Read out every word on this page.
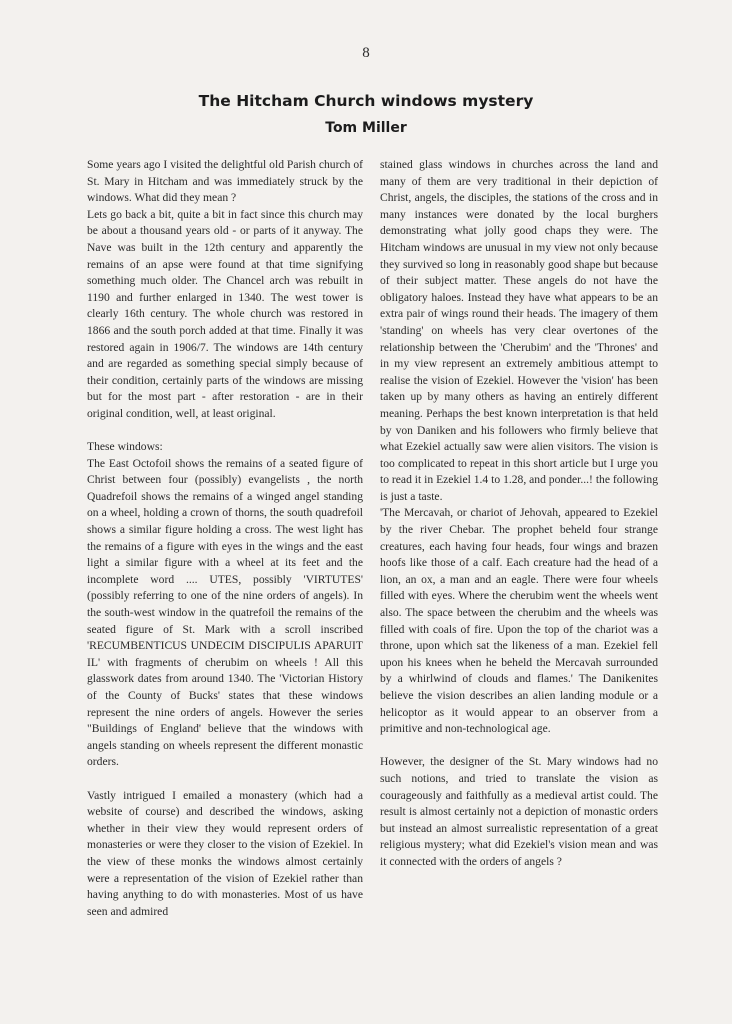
8
The Hitcham Church windows mystery
Tom Miller

Some years ago I visited the delightful old Parish church of St. Mary in Hitcham and was immediately struck by the windows. What did they mean ?

Lets go back a bit, quite a bit in fact since this church may be about a thousand years old - or parts of it anyway. The Nave was built in the 12th century and apparently the remains of an apse were found at that time signifying something much older. The Chancel arch was rebuilt in 1190 and further enlarged in 1340. The west tower is clearly 16th century. The whole church was restored in 1866 and the south porch added at that time. Finally it was restored again in 1906/7. The windows are 14th century and are regarded as something special simply because of their condition, certainly parts of the windows are missing but for the most part - after restoration - are in their original condition, well, at least original.

These windows:

The East Octofoil shows the remains of a seated figure of Christ between four (possibly) evangelists , the north Quadrefoil shows the remains of a winged angel standing on a wheel, holding a crown of thorns, the south quadrefoil shows a similar figure holding a cross. The west light has the remains of a figure with eyes in the wings and the east light a similar figure with a wheel at its feet and the incomplete word .... UTES, possibly 'VIRTUTES' (possibly referring to one of the nine orders of angels). In the south-west window in the quatrefoil the remains of the seated figure of St. Mark with a scroll inscribed 'RECUMBENTICUS UNDECIM DISCIPULIS APARUIT IL' with fragments of cherubim on wheels ! All this glasswork dates from around 1340. The 'Victorian History of the County of Bucks' states that these windows represent the nine orders of angels. However the series "Buildings of England' believe that the windows with angels standing on wheels represent the different monastic orders.

Vastly intrigued I emailed a monastery (which had a website of course) and described the windows, asking whether in their view they would represent orders of monasteries or were they closer to the vision of Ezekiel. In the view of these monks the windows almost certainly were a representation of the vision of Ezekiel rather than having anything to do with monasteries. Most of us have seen and admired

stained glass windows in churches across the land and many of them are very traditional in their depiction of Christ, angels, the disciples, the stations of the cross and in many instances were donated by the local burghers demonstrating what jolly good chaps they were. The Hitcham windows are unusual in my view not only because they survived so long in reasonably good shape but because of their subject matter. These angels do not have the obligatory haloes. Instead they have what appears to be an extra pair of wings round their heads. The imagery of them 'standing' on wheels has very clear overtones of the relationship between the 'Cherubim' and the 'Thrones' and in my view represent an extremely ambitious attempt to realise the vision of Ezekiel. However the 'vision' has been taken up by many others as having an entirely different meaning. Perhaps the best known interpretation is that held by von Daniken and his followers who firmly believe that what Ezekiel actually saw were alien visitors. The vision is too complicated to repeat in this short article but I urge you to read it in Ezekiel 1.4 to 1.28, and ponder...! the following is just a taste.

'The Mercavah, or chariot of Jehovah, appeared to Ezekiel by the river Chebar. The prophet beheld four strange creatures, each having four heads, four wings and brazen hoofs like those of a calf. Each creature had the head of a lion, an ox, a man and an eagle. There were four wheels filled with eyes. Where the cherubim went the wheels went also. The space between the cherubim and the wheels was filled with coals of fire. Upon the top of the chariot was a throne, upon which sat the likeness of a man. Ezekiel fell upon his knees when he beheld the Mercavah surrounded by a whirlwind of clouds and flames.' The Danikenites believe the vision describes an alien landing module or a helicoptor as it would appear to an observer from a primitive and non-technological age.

However, the designer of the St. Mary windows had no such notions, and tried to translate the vision as courageously and faithfully as a medieval artist could. The result is almost certainly not a depiction of monastic orders but instead an almost surrealistic representation of a great religious mystery; what did Ezekiel's vision mean and was it connected with the orders of angels ?
